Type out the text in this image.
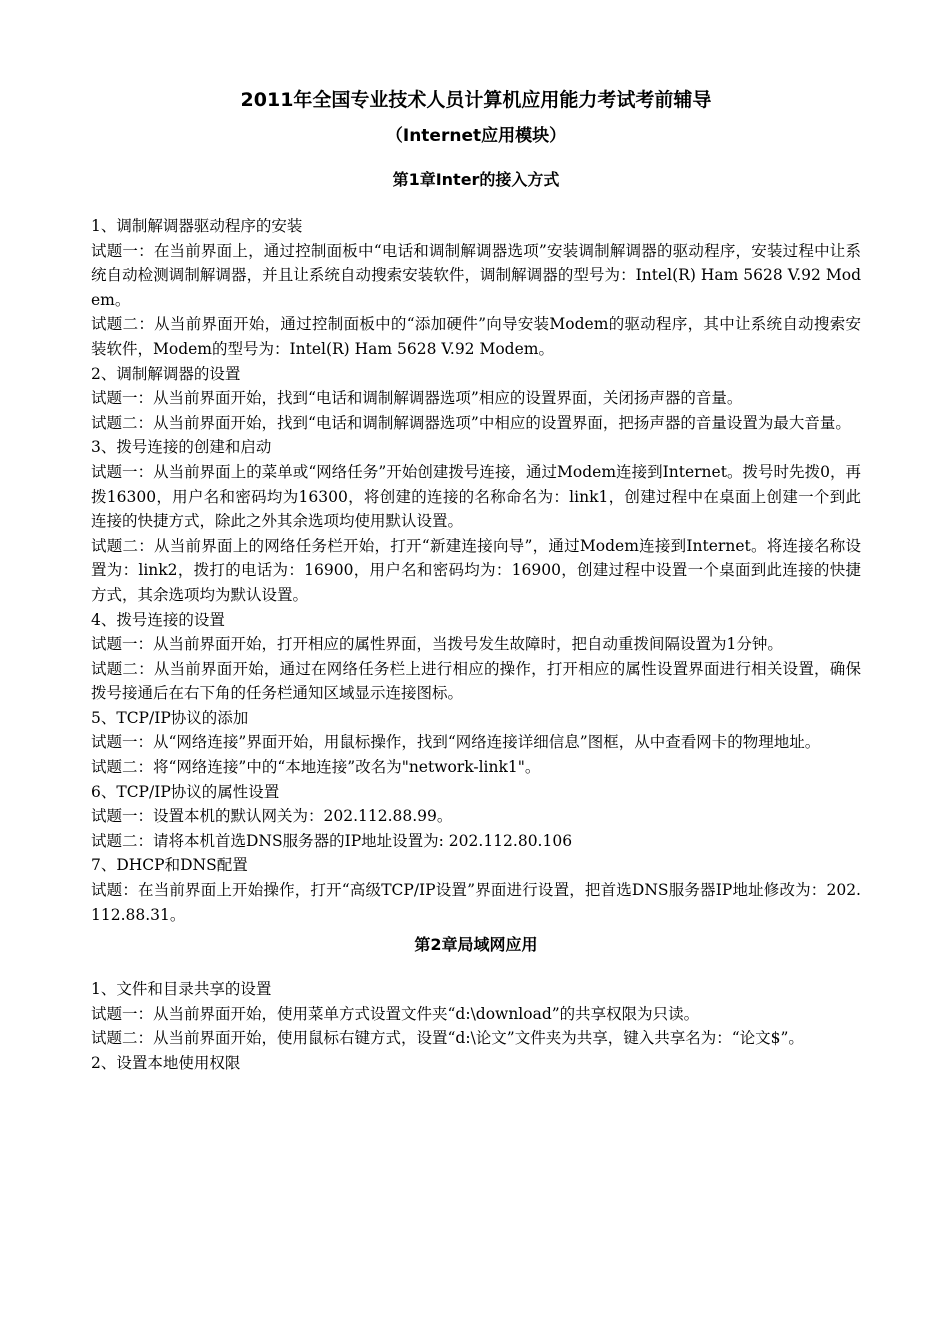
2011年全国专业技术人员计算机应用能力考试考前辅导
（Internet应用模块）
第1章Inter的接入方式

1、调制解调器驱动程序的安装

试题一：在当前界面上，通过控制面板中“电话和调制解调器选项”安装调制解调器的驱动程序，安装过程中让系统自动检测调制解调器，并且让系统自动搜索安装软件，调制解调器的型号为：Intel(R) Ham 5628 V.92 Modem。

试题二：从当前界面开始，通过控制面板中的“添加硬件”向导安装Modem的驱动程序，其中让系统自动搜索安装软件，Modem的型号为：Intel(R) Ham 5628 V.92 Modem。

2、调制解调器的设置

试题一：从当前界面开始，找到“电话和调制解调器选项”相应的设置界面，关闭扬声器的音量。

试题二：从当前界面开始，找到“电话和调制解调器选项”中相应的设置界面，把扬声器的音量设置为最大音量。

3、拨号连接的创建和启动

试题一：从当前界面上的菜单或“网络任务”开始创建拨号连接，通过Modem连接到Internet。拨号时先拨0，再拨16300，用户名和密码均为16300，将创建的连接的名称命名为：link1，创建过程中在桌面上创建一个到此连接的快捷方式，除此之外其余选项均使用默认设置。

试题二：从当前界面上的网络任务栏开始，打开“新建连接向导”，通过Modem连接到Internet。将连接名称设置为：link2，拨打的电话为：16900，用户名和密码均为：16900，创建过程中设置一个桌面到此连接的快捷方式，其余选项均为默认设置。

4、拨号连接的设置

试题一：从当前界面开始，打开相应的属性界面，当拨号发生故障时，把自动重拨间隔设置为1分钟。

试题二：从当前界面开始，通过在网络任务栏上进行相应的操作，打开相应的属性设置界面进行相关设置，确保拨号接通后在右下角的任务栏通知区域显示连接图标。

5、TCP/IP协议的添加

试题一：从“网络连接”界面开始，用鼠标操作，找到“网络连接详细信息”图框，从中查看网卡的物理地址。

试题二：将“网络连接”中的“本地连接”改名为"network-link1"。

6、TCP/IP协议的属性设置

试题一：设置本机的默认网关为：202.112.88.99。

试题二：请将本机首选DNS服务器的IP地址设置为: 202.112.80.106

7、DHCP和DNS配置

试题：在当前界面上开始操作，打开“高级TCP/IP设置”界面进行设置，把首选DNS服务器IP地址修改为：202.112.88.31。

第2章局域网应用

1、文件和目录共享的设置

试题一：从当前界面开始，使用菜单方式设置文件夹“d:\download”的共享权限为只读。

试题二：从当前界面开始，使用鼠标右键方式，设置“d:\论文”文件夹为共享，键入共享名为：“论文$”。

2、设置本地使用权限
